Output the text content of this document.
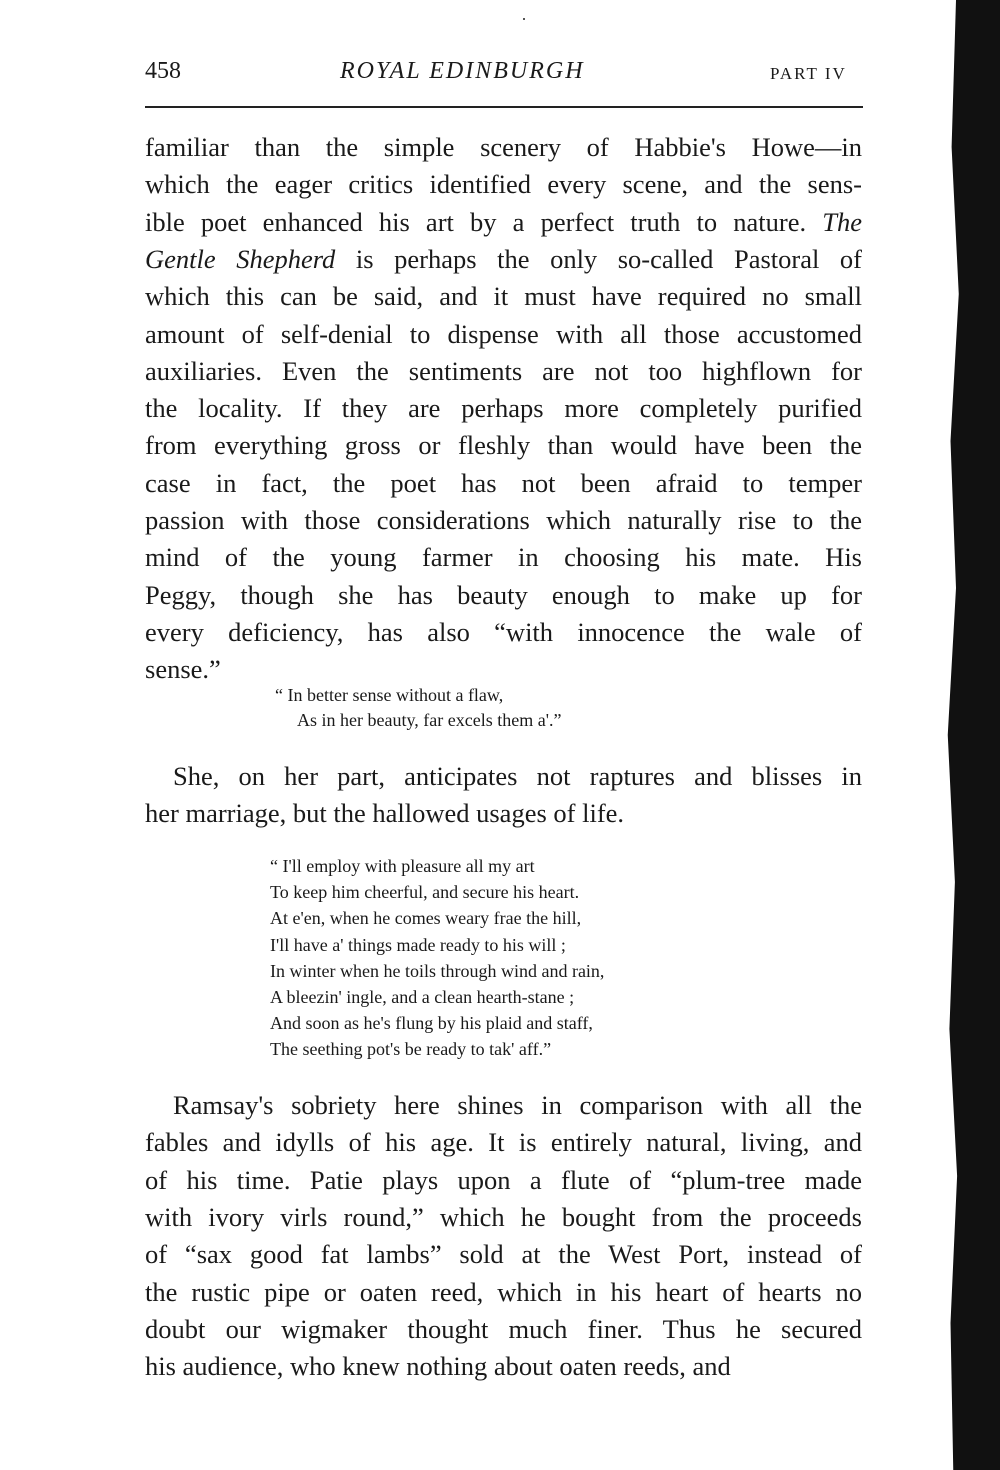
458	ROYAL EDINBURGH	PART IV
familiar than the simple scenery of Habbie's Howe—in
which the eager critics identified every scene, and the sens-
ible poet enhanced his art by a perfect truth to nature. The
Gentle Shepherd is perhaps the only so-called Pastoral of
which this can be said, and it must have required no small
amount of self-denial to dispense with all those accustomed
auxiliaries. Even the sentiments are not too highflown for
the locality. If they are perhaps more completely purified
from everything gross or fleshly than would have been the
case in fact, the poet has not been afraid to temper
passion with those considerations which naturally rise to the
mind of the young farmer in choosing his mate. His
Peggy, though she has beauty enough to make up for
every deficiency, has also “with innocence the wale of
sense.”
“ In better sense without a flaw,
As in her beauty, far excels them a'.”
She, on her part, anticipates not raptures and blisses in
her marriage, but the hallowed usages of life.
“ I'll employ with pleasure all my art
To keep him cheerful, and secure his heart.
At e'en, when he comes weary frae the hill,
I'll have a' things made ready to his will ;
In winter when he toils through wind and rain,
A bleezin' ingle, and a clean hearth-stane ;
And soon as he's flung by his plaid and staff,
The seething pot's be ready to tak' aff.”
Ramsay's sobriety here shines in comparison with all the
fables and idylls of his age. It is entirely natural, living, and
of his time. Patie plays upon a flute of “plum-tree made
with ivory virls round,” which he bought from the proceeds
of “sax good fat lambs” sold at the West Port, instead of
the rustic pipe or oaten reed, which in his heart of hearts no
doubt our wigmaker thought much finer. Thus he secured
his audience, who knew nothing about oaten reeds, and
